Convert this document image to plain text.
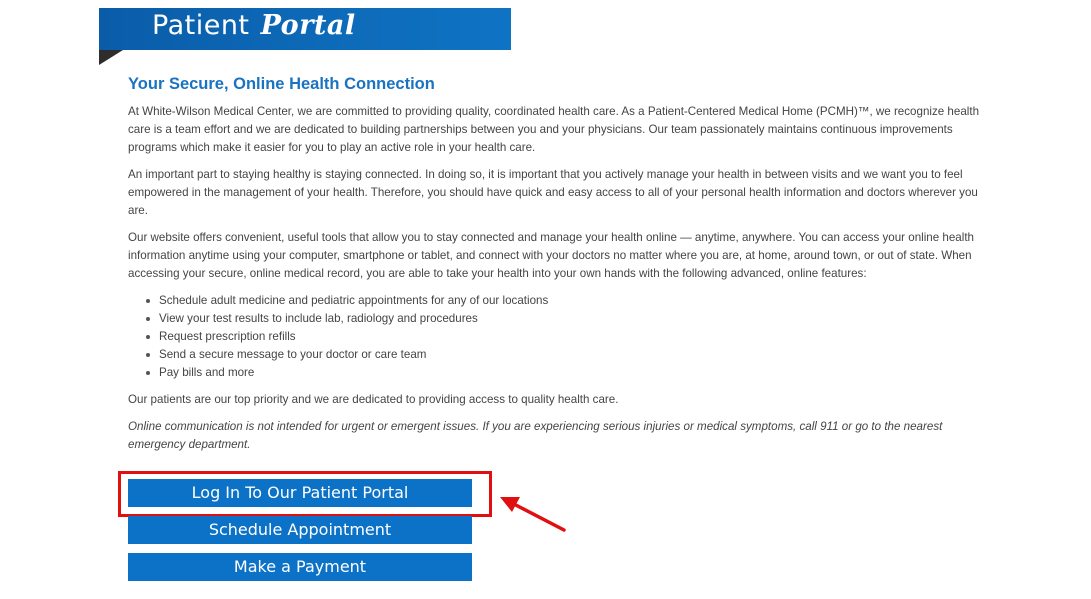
Patient Portal
Your Secure, Online Health Connection

At White-Wilson Medical Center, we are committed to providing quality, coordinated health care. As a Patient-Centered Medical Home (PCMH)™, we recognize health care is a team effort and we are dedicated to building partnerships between you and your physicians. Our team passionately maintains continuous improvements programs which make it easier for you to play an active role in your health care.

An important part to staying healthy is staying connected. In doing so, it is important that you actively manage your health in between visits and we want you to feel empowered in the management of your health. Therefore, you should have quick and easy access to all of your personal health information and doctors wherever you are.

Our website offers convenient, useful tools that allow you to stay connected and manage your health online — anytime, anywhere. You can access your online health information anytime using your computer, smartphone or tablet, and connect with your doctors no matter where you are, at home, around town, or out of state. When accessing your secure, online medical record, you are able to take your health into your own hands with the following advanced, online features:

Schedule adult medicine and pediatric appointments for any of our locations
View your test results to include lab, radiology and procedures
Request prescription refills
Send a secure message to your doctor or care team
Pay bills and more

Our patients are our top priority and we are dedicated to providing access to quality health care.

Online communication is not intended for urgent or emergent issues. If you are experiencing serious injuries or medical symptoms, call 911 or go to the nearest emergency department.

Log In To Our Patient Portal
Schedule Appointment
Make a Payment
